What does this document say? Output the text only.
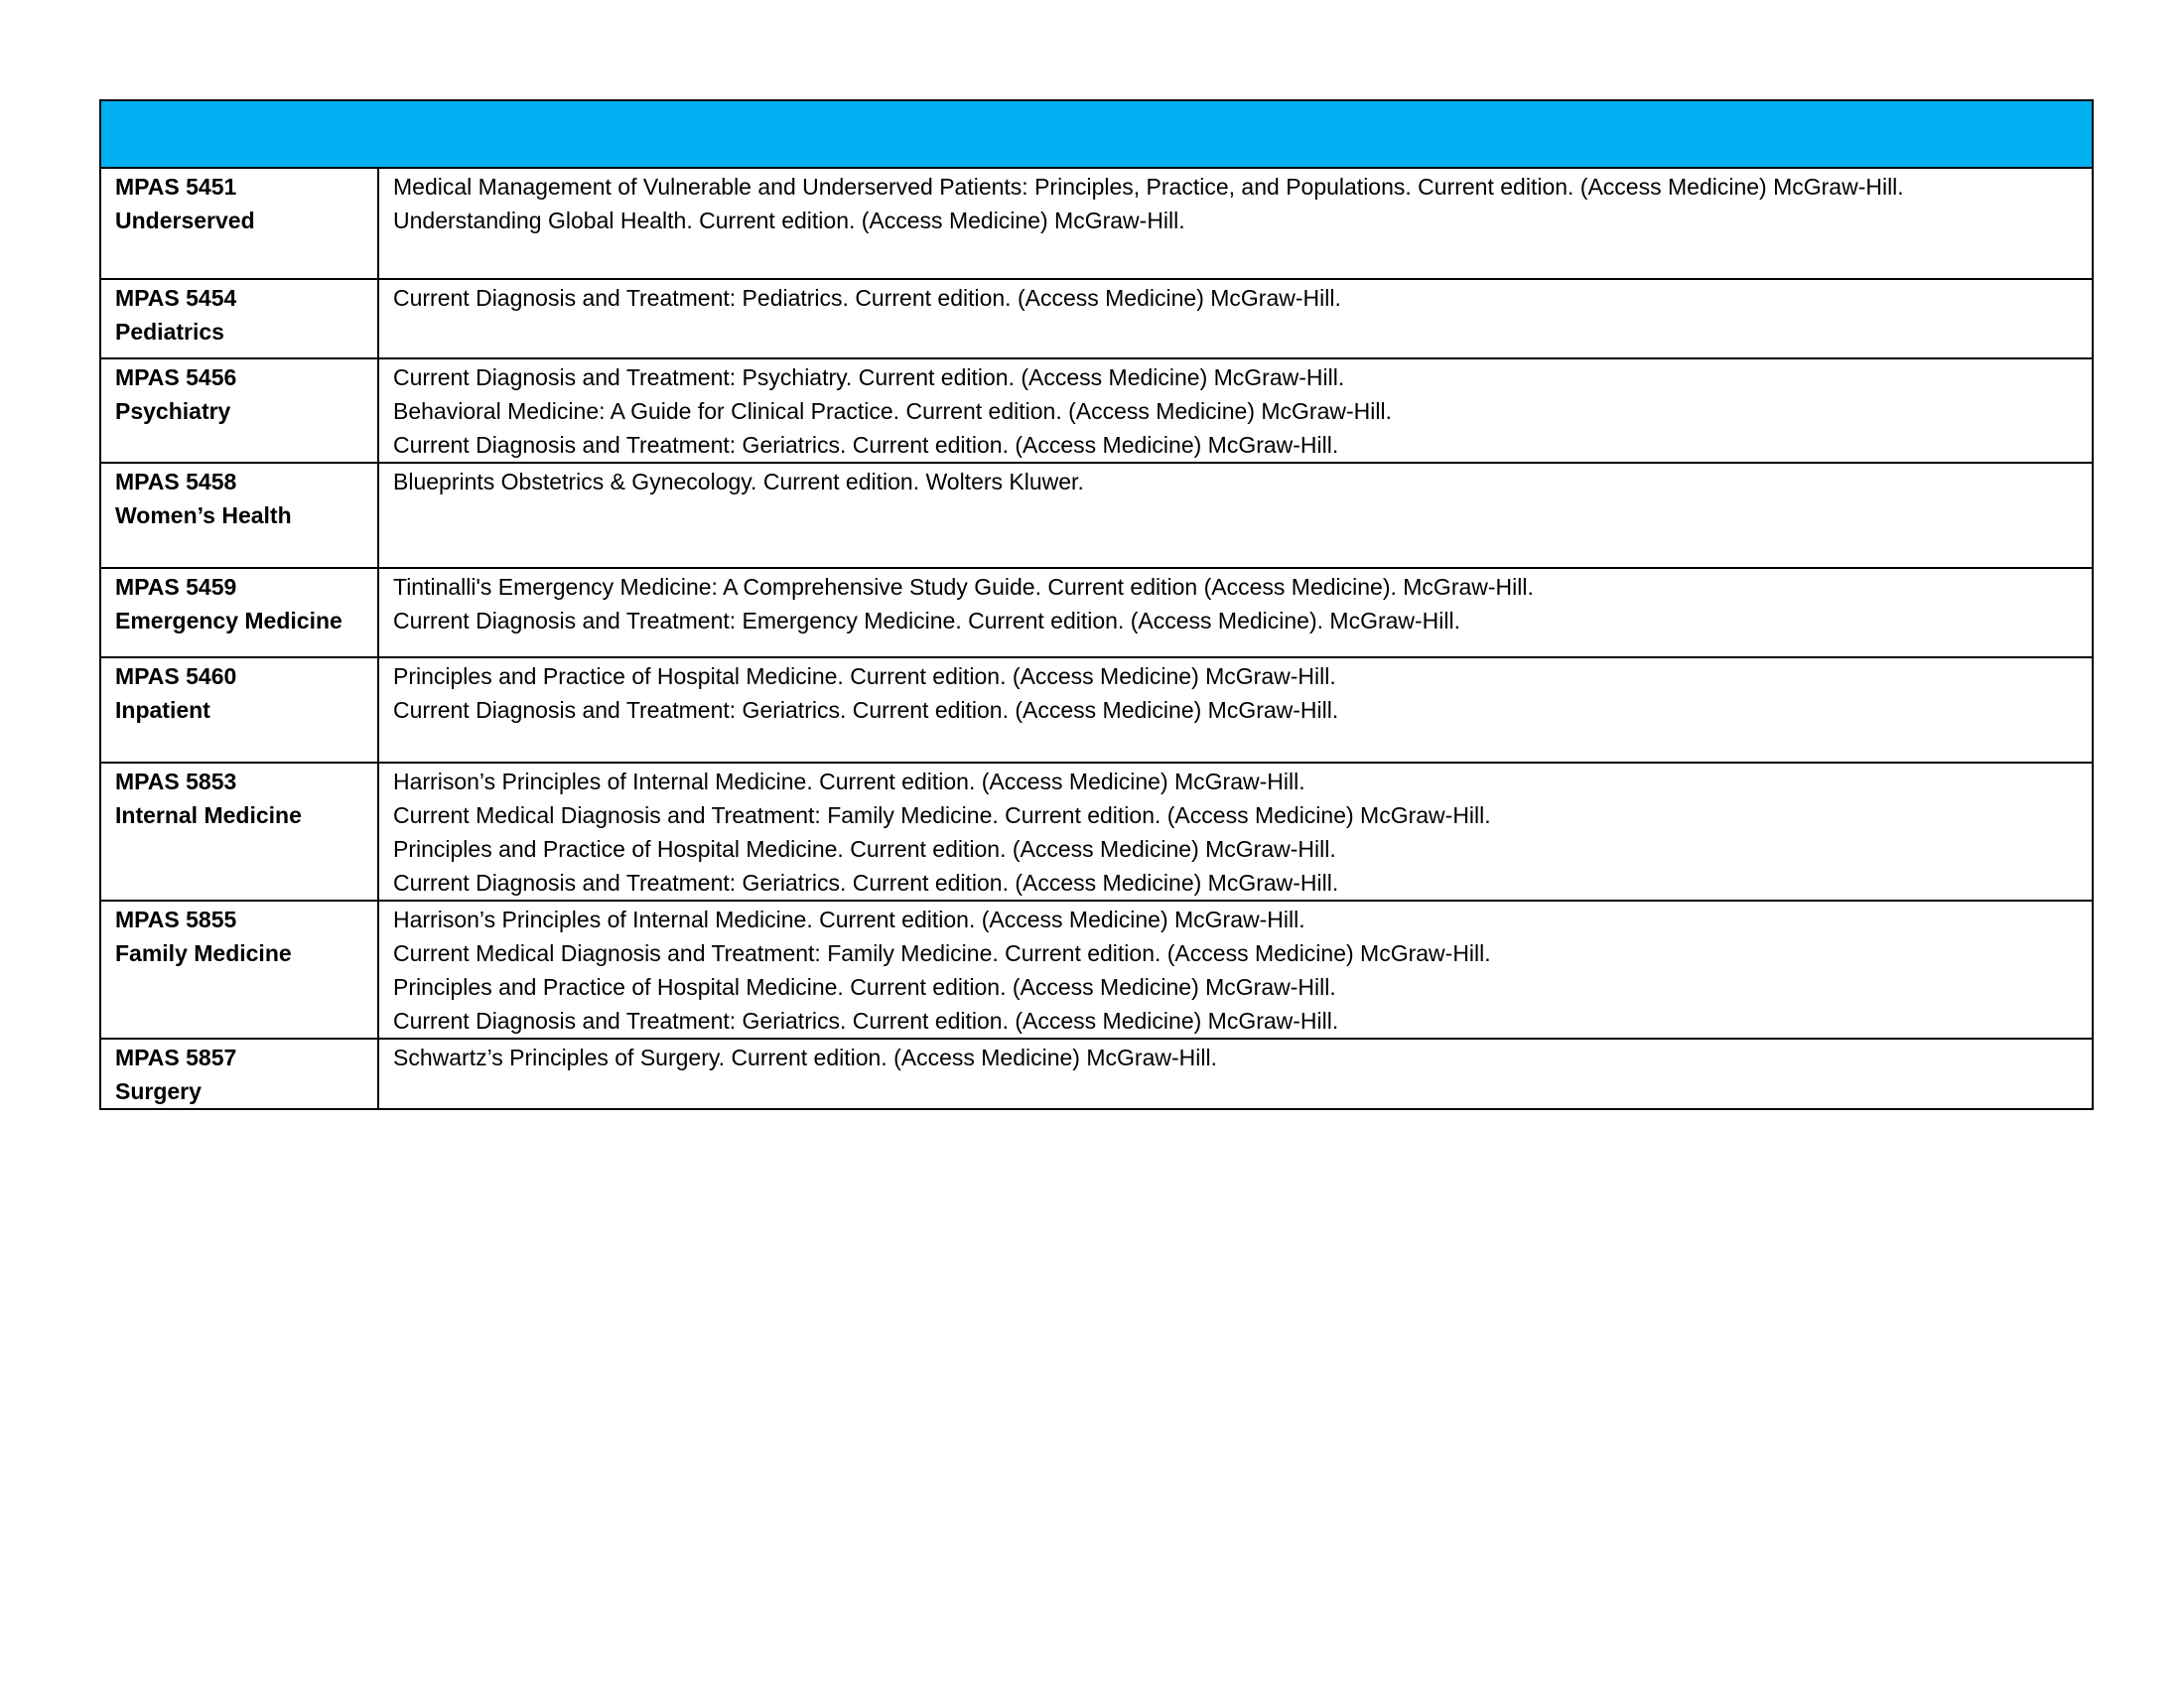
MPAS 5451
Underserved	Medical Management of Vulnerable and Underserved Patients: Principles, Practice, and Populations. Current edition. (Access Medicine) McGraw-Hill.
Understanding Global Health. Current edition. (Access Medicine) McGraw-Hill.

MPAS 5454
Pediatrics	Current Diagnosis and Treatment: Pediatrics. Current edition. (Access Medicine) McGraw-Hill.

MPAS 5456
Psychiatry	Current Diagnosis and Treatment: Psychiatry. Current edition. (Access Medicine) McGraw-Hill.
Behavioral Medicine: A Guide for Clinical Practice. Current edition. (Access Medicine) McGraw-Hill.
Current Diagnosis and Treatment: Geriatrics. Current edition. (Access Medicine) McGraw-Hill.

MPAS 5458
Women’s Health	Blueprints Obstetrics & Gynecology. Current edition. Wolters Kluwer.

MPAS 5459
Emergency Medicine	Tintinalli's Emergency Medicine: A Comprehensive Study Guide. Current edition (Access Medicine). McGraw-Hill.
Current Diagnosis and Treatment: Emergency Medicine. Current edition. (Access Medicine). McGraw-Hill.

MPAS 5460
Inpatient	Principles and Practice of Hospital Medicine. Current edition. (Access Medicine) McGraw-Hill.
Current Diagnosis and Treatment: Geriatrics. Current edition. (Access Medicine) McGraw-Hill.

MPAS 5853
Internal Medicine	Harrison’s Principles of Internal Medicine. Current edition. (Access Medicine) McGraw-Hill.
Current Medical Diagnosis and Treatment: Family Medicine. Current edition. (Access Medicine) McGraw-Hill.
Principles and Practice of Hospital Medicine. Current edition. (Access Medicine) McGraw-Hill.
Current Diagnosis and Treatment: Geriatrics. Current edition. (Access Medicine) McGraw-Hill.

MPAS 5855
Family Medicine	Harrison’s Principles of Internal Medicine. Current edition. (Access Medicine) McGraw-Hill.
Current Medical Diagnosis and Treatment: Family Medicine. Current edition. (Access Medicine) McGraw-Hill.
Principles and Practice of Hospital Medicine. Current edition. (Access Medicine) McGraw-Hill.
Current Diagnosis and Treatment: Geriatrics. Current edition. (Access Medicine) McGraw-Hill.

MPAS 5857
Surgery	Schwartz’s Principles of Surgery. Current edition. (Access Medicine) McGraw-Hill.
